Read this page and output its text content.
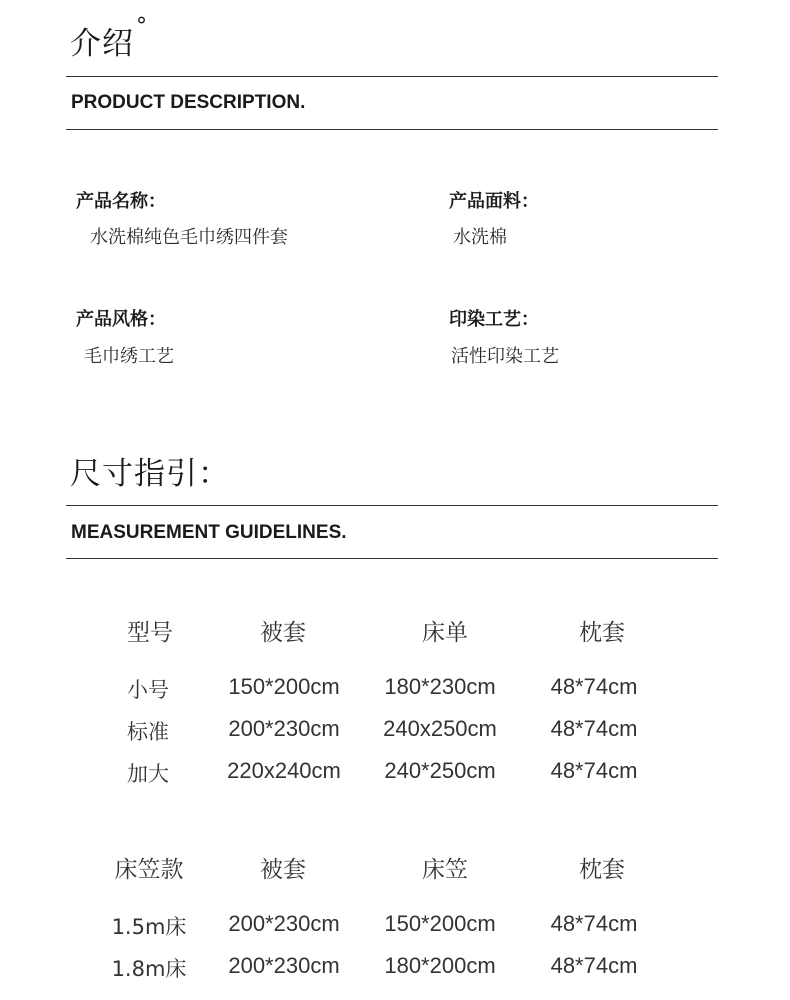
介绍°
PRODUCT DESCRIPTION.
产品名称：
水洗棉纯色毛巾绣四件套
产品面料：
水洗棉
产品风格：
毛巾绣工艺
印染工艺：
活性印染工艺
尺寸指引：
MEASUREMENT GUIDELINES.
型号	被套	床单	枕套
小号	150*200cm 180*230cm 48*74cm
标准	200*230cm 240x250cm 48*74cm
加大	220x240cm 240*250cm 48*74cm
床笠款	被套	床笠	枕套
1.5m床 200*230cm 150*200cm 48*74cm
1.8m床 200*230cm 180*200cm 48*74cm
